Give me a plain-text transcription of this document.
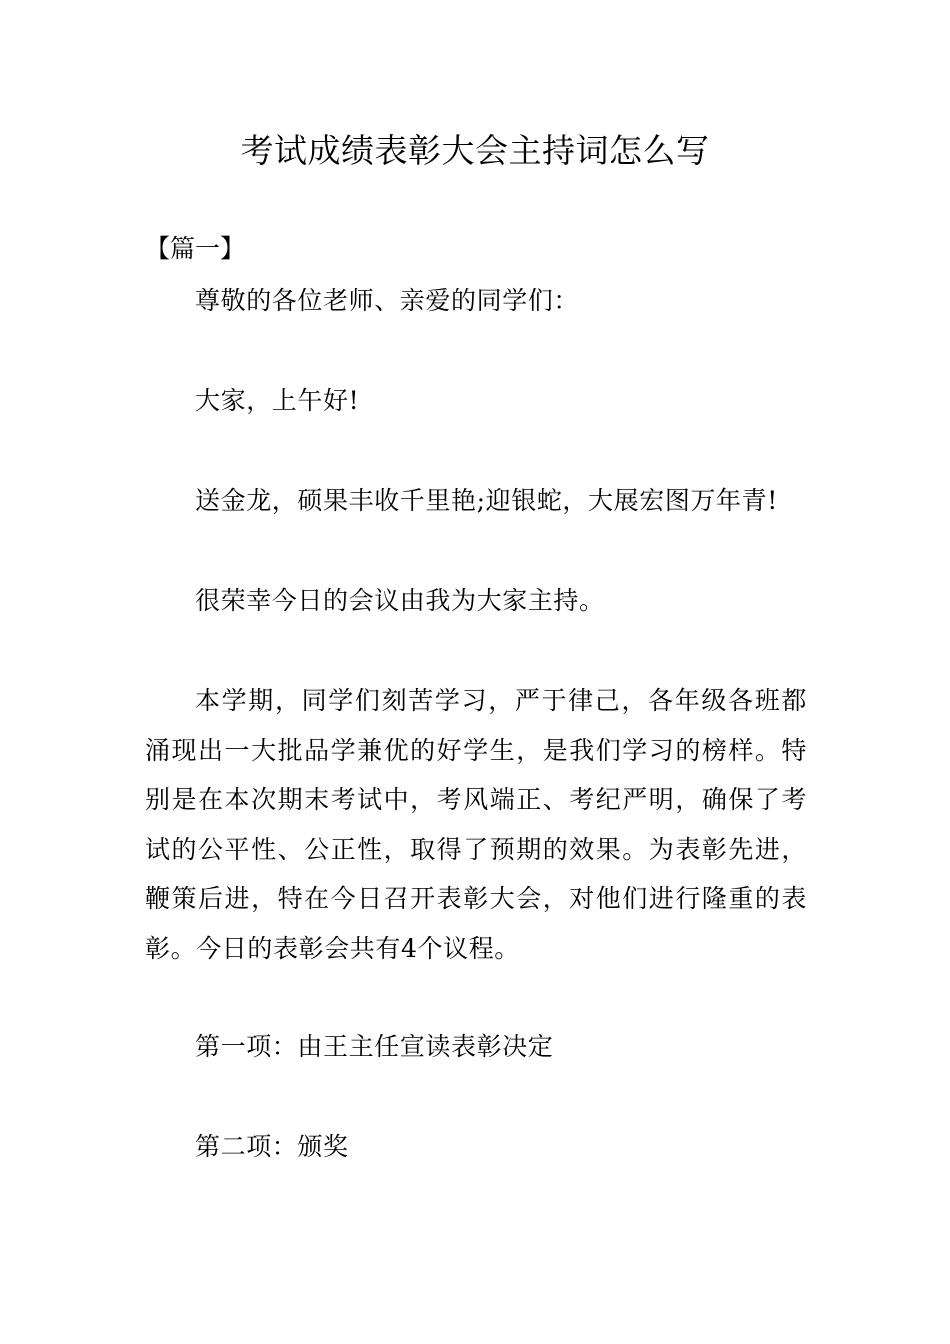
考试成绩表彰大会主持词怎么写

【篇一】

尊敬的各位老师、亲爱的同学们：

大家，上午好!

送金龙，硕果丰收千里艳;迎银蛇，大展宏图万年青!

很荣幸今日的会议由我为大家主持。

本学期，同学们刻苦学习，严于律己，各年级各班都涌现出一大批品学兼优的好学生，是我们学习的榜样。特别是在本次期末考试中，考风端正、考纪严明，确保了考试的公平性、公正性，取得了预期的效果。为表彰先进，鞭策后进，特在今日召开表彰大会，对他们进行隆重的表彰。今日的表彰会共有4个议程。

第一项：由王主任宣读表彰决定

第二项：颁奖
